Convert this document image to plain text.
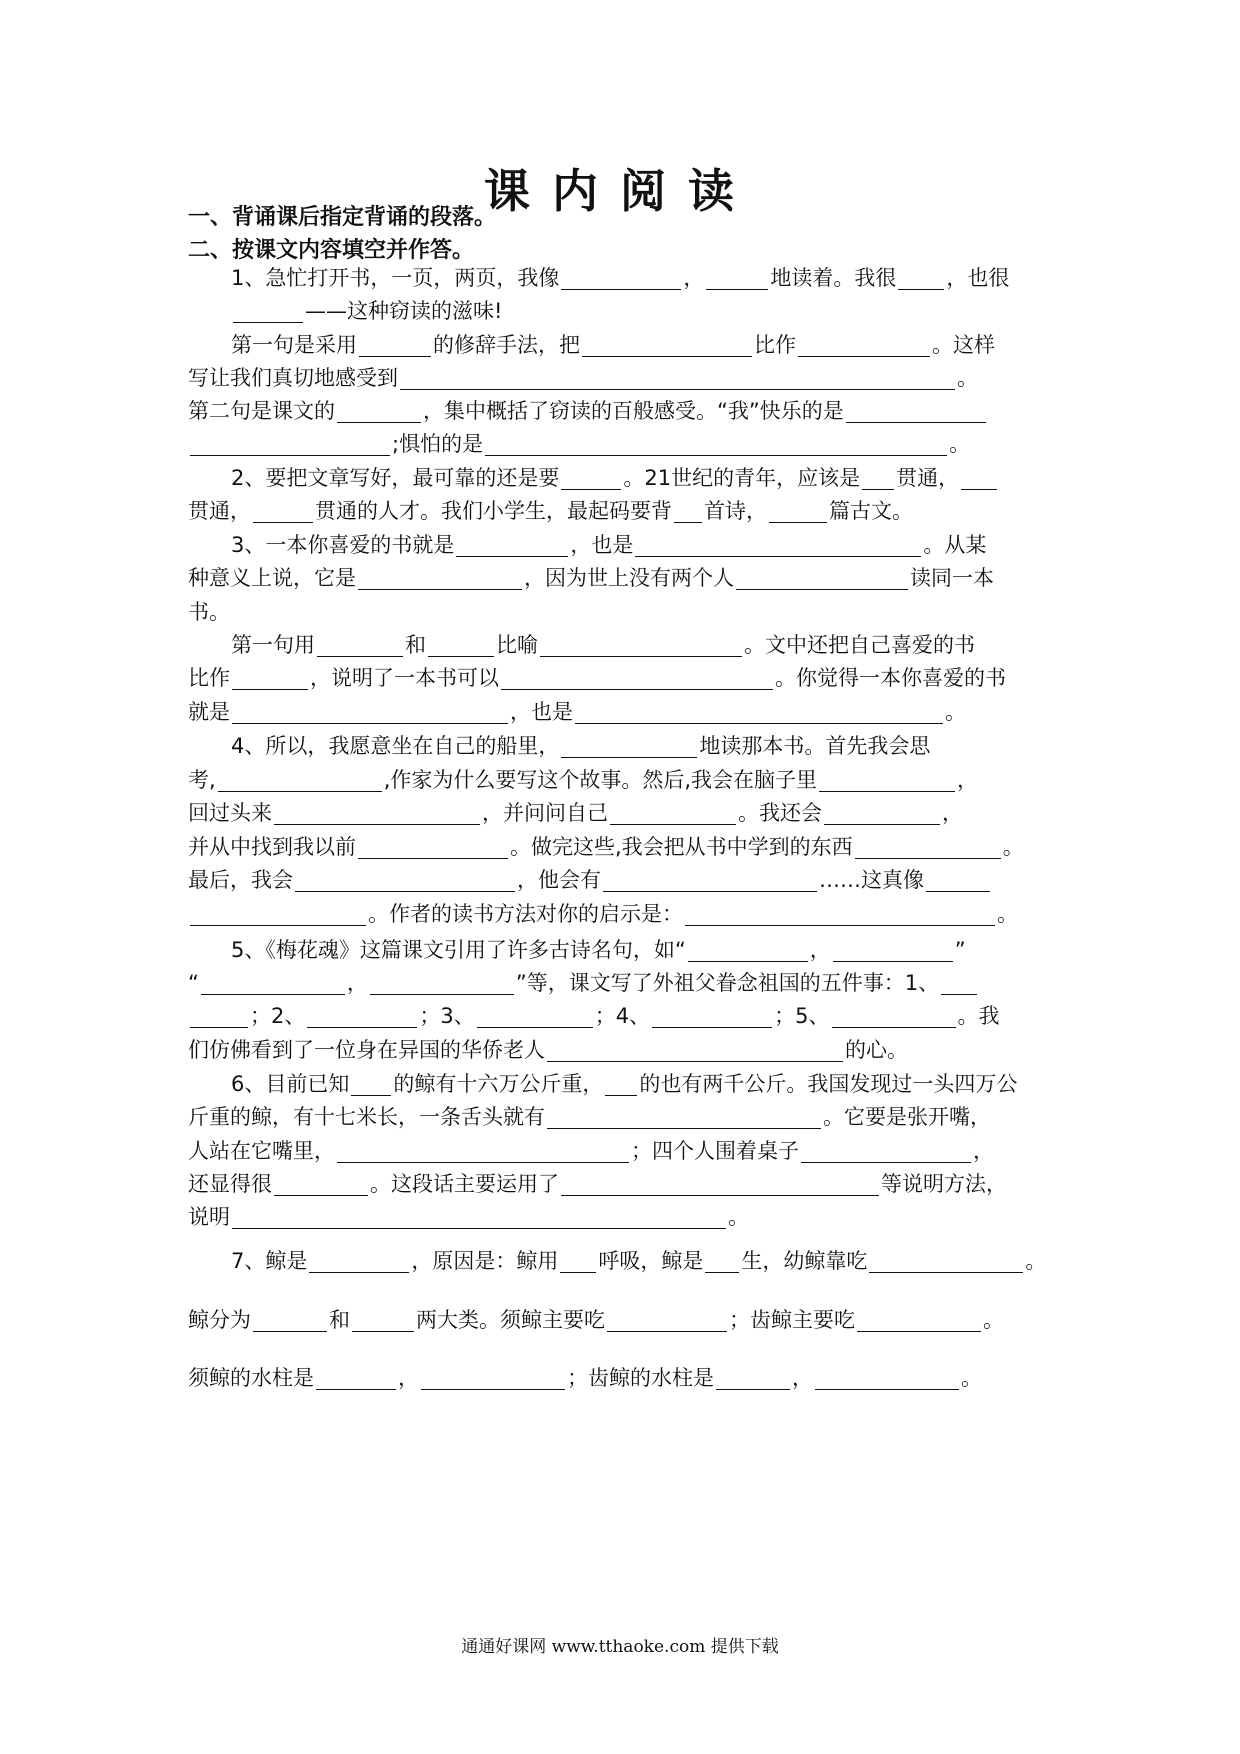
课内阅读
一、背诵课后指定背诵的段落。
二、按课文内容填空并作答。
1、急忙打开书，一页，两页，我像	，	地读着。我很 ，也很
——这种窃读的滋味!
第一句是采用	的修辞手法，把	比作	。这样
写让我们真切地感受到	。
第二句是课文的	，集中概括了窃读的百般感受。“我”快乐的是
;惧怕的是	。
2、要把文章写好，最可靠的还是要	。21世纪的青年，应该是 贯通，
贯通，	贯通的人才。我们小学生，最起码要背 首诗，	篇古文。
3、一本你喜爱的书就是	，也是	。从某
种意义上说，它是	，因为世上没有两个人	读同一本
书。
第一句用	和	比喻	。文中还把自己喜爱的书
比作	，说明了一本书可以	。你觉得一本你喜爱的书
就是	，也是	。
4、所以，我愿意坐在自己的船里，	地读那本书。首先我会思
考,	,作家为什么要写这个故事。然后,我会在脑子里	，
回过头来	，并问问自己	。我还会	，
并从中找到我以前	。做完这些,我会把从书中学到的东西	。
最后，我会	，他会有	……这真像
。作者的读书方法对你的启示是：	。
5、《梅花魂》这篇课文引用了许多古诗名句，如“	，	”
“	，	”等，课文写了外祖父眷念祖国的五件事：1、
；2、	；3、	；4、	；5、	。我
们仿佛看到了一位身在异国的华侨老人	的心。
6、目前已知 的鲸有十六万公斤重， 的也有两千公斤。我国发现过一头四万公
斤重的鲸，有十七米长，一条舌头就有	。它要是张开嘴，
人站在它嘴里，	；四个人围着桌子	，
还显得很	。这段话主要运用了	等说明方法，
说明	。
7、鲸是	，原因是：鲸用 呼吸，鲸是 生，幼鲸靠吃	。
鲸分为	和	两大类。须鲸主要吃	；齿鲸主要吃	。
须鲸的水柱是	，	；齿鲸的水柱是	，	。
通通好课网 www.tthaoke.com 提供下载
